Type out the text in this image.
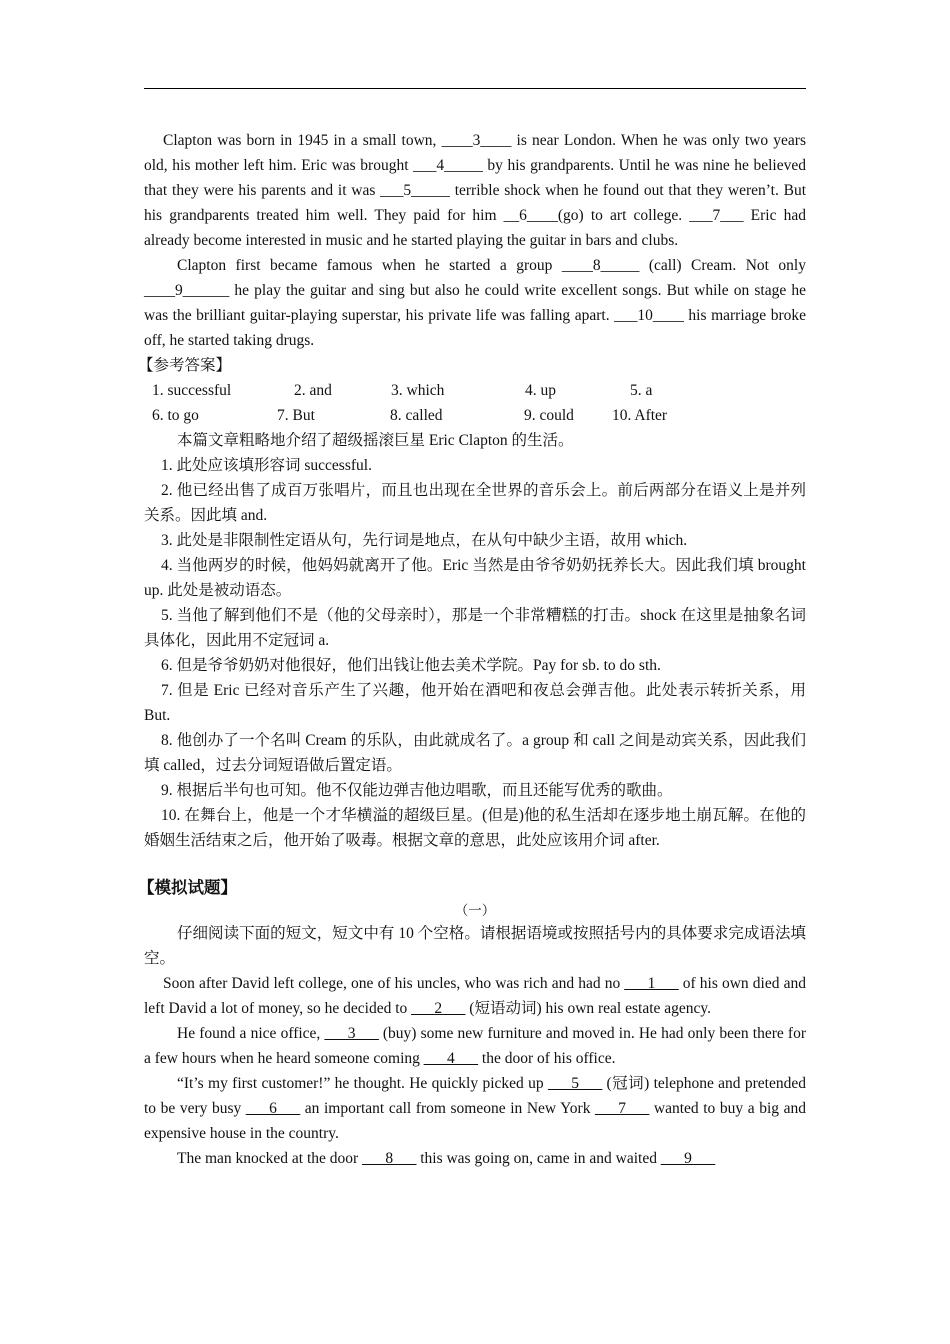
Clapton was born in 1945 in a small town, ____3____ is near London. When he was only two years old, his mother left him. Eric was brought ___4_____ by his grandparents. Until he was nine he believed that they were his parents and it was ___5_____ terrible shock when he found out that they weren’t. But his grandparents treated him well. They paid for him __6____(go) to art college. ___7___ Eric had already become interested in music and he started playing the guitar in bars and clubs.

Clapton first became famous when he started a group ____8_____ (call) Cream. Not only ____9______ he play the guitar and sing but also he could write excellent songs. But while on stage he was the brilliant guitar-playing superstar, his private life was falling apart. ___10____ his marriage broke off, he started taking drugs.

【参考答案】

1. successful	2. and	3. which	4. up	5. a
6. to go	7. But	8. called	9. could	10. After

本篇文章粗略地介绍了超级摇滚巨星 Eric Clapton 的生活。

1. 此处应该填形容词 successful.

2. 他已经出售了成百万张唱片，而且也出现在全世界的音乐会上。前后两部分在语义上是并列关系。因此填 and.

3. 此处是非限制性定语从句，先行词是地点，在从句中缺少主语，故用 which.

4. 当他两岁的时候，他妈妈就离开了他。Eric 当然是由爷爷奶奶抚养长大。因此我们填 brought up. 此处是被动语态。

5. 当他了解到他们不是（他的父母亲时），那是一个非常糟糕的打击。shock 在这里是抽象名词具体化，因此用不定冠词 a.

6. 但是爷爷奶奶对他很好，他们出钱让他去美术学院。Pay for sb. to do sth.

7. 但是 Eric 已经对音乐产生了兴趣，他开始在酒吧和夜总会弹吉他。此处表示转折关系，用 But.

8. 他创办了一个名叫 Cream 的乐队，由此就成名了。a group 和 call 之间是动宾关系，因此我们填 called，过去分词短语做后置定语。

9. 根据后半句也可知。他不仅能边弹吉他边唱歌，而且还能写优秀的歌曲。

10. 在舞台上，他是一个才华横溢的超级巨星。(但是)他的私生活却在逐步地土崩瓦解。在他的婚姻生活结束之后，他开始了吸毒。根据文章的意思，此处应该用介词 after.

【模拟试题】

（一）

仔细阅读下面的短文，短文中有 10 个空格。请根据语境或按照括号内的具体要求完成语法填空。

Soon after David left college, one of his uncles, who was rich and had no ___1___ of his own died and left David a lot of money, so he decided to ___2___ (短语动词) his own real estate agency.

He found a nice office, ___3___ (buy) some new furniture and moved in. He had only been there for a few hours when he heard someone coming ___4___ the door of his office.

“It’s my first customer!” he thought. He quickly picked up ___5___ (冠词) telephone and pretended to be very busy ___6___ an important call from someone in New York ___7___ wanted to buy a big and expensive house in the country.

The man knocked at the door ___8___ this was going on, came in and waited ___9___
